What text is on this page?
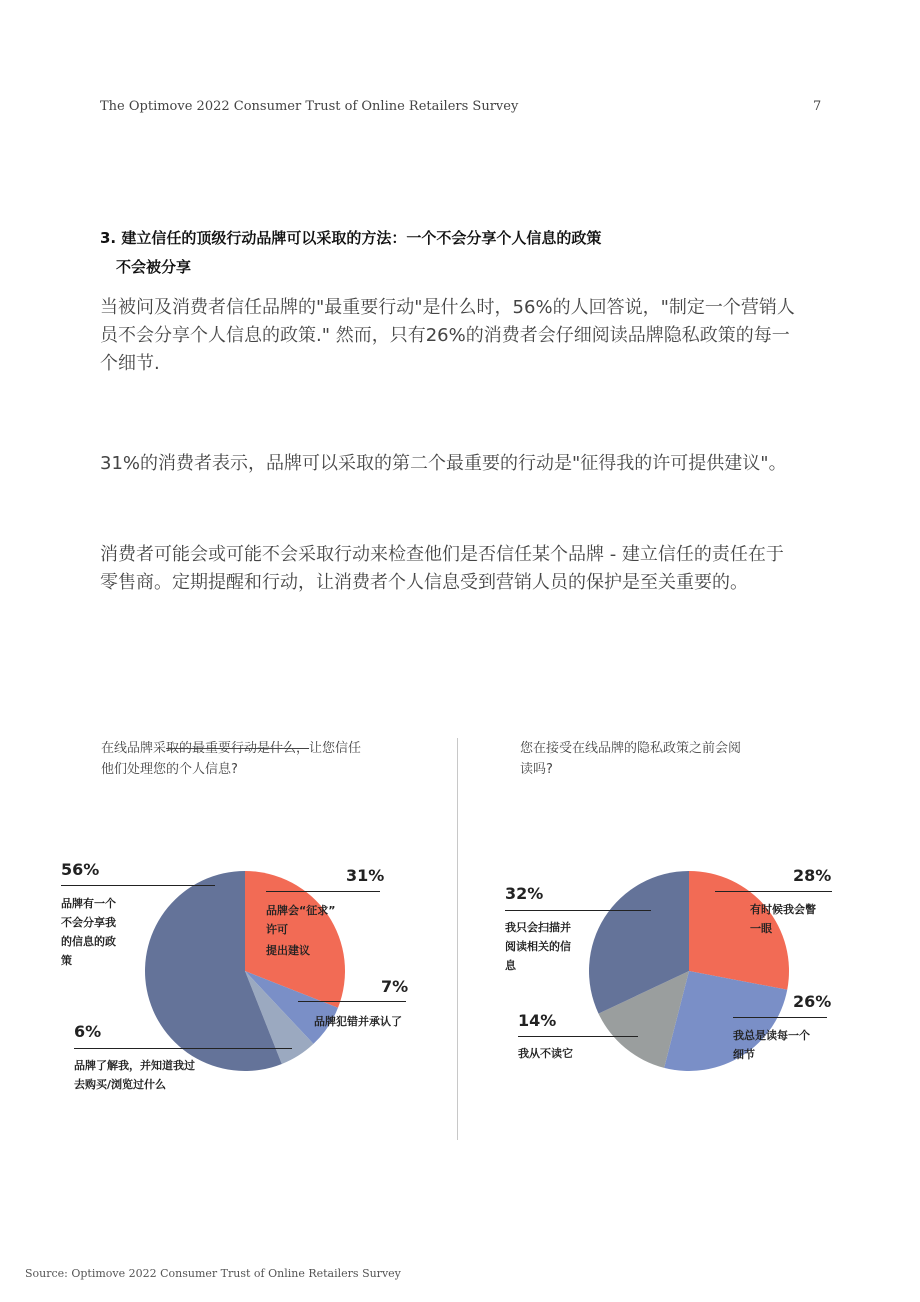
The Optimove 2022 Consumer Trust of Online Retailers Survey	7
3. 建立信任的顶级行动品牌可以采取的方法：一个不会分享个人信息的政策
不会被分享
当被问及消费者信任品牌的"最重要行动"是什么时，56%的人回答说，"制定一个营销人员不会分享个人信息的政策." 然而，只有26%的消费者会仔细阅读品牌隐私政策的每一个细节.
31%的消费者表示，品牌可以采取的第二个最重要的行动是"征得我的许可提供建议"。
消费者可能会或可能不会采取行动来检查他们是否信任某个品牌 - 建立信任的责任在于零售商。定期提醒和行动，让消费者个人信息受到营销人员的保护是至关重要的。
在线品牌采取的最重要行动是什么，让您信任他们处理您的个人信息?
您在接受在线品牌的隐私政策之前会阅读吗?
56%
品牌有一个
不会分享我
的信息的政
策
31%
品牌会“征求”
许可
提出建议
7%
品牌犯错并承认了
6%
品牌了解我，并知道我过
去购买/浏览过什么
32%
我只会扫描并
阅读相关的信
息
28%
有时候我会瞥
一眼
26%
我总是读每一个
细节
14%
我从不读它
Source: Optimove 2022 Consumer Trust of Online Retailers Survey
